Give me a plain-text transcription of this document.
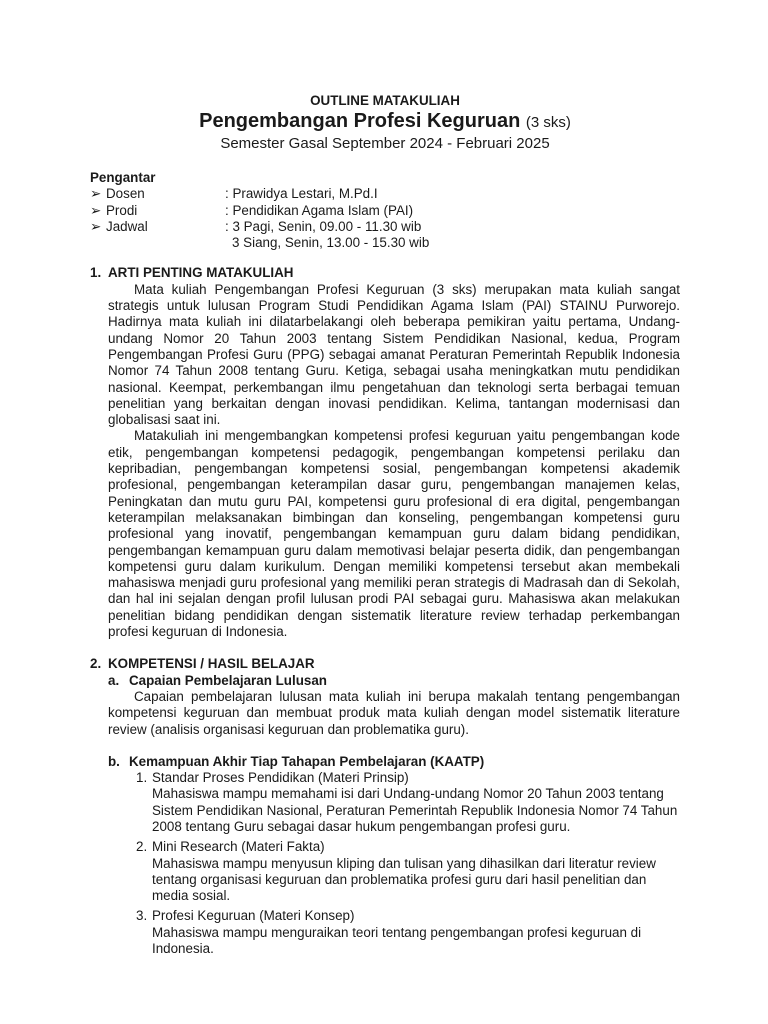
OUTLINE MATAKULIAH
Pengembangan Profesi Keguruan (3 sks)
Semester Gasal September 2024 - Februari 2025
Pengantar
➢ Dosen	: Prawidya Lestari, M.Pd.I
➢ Prodi	: Pendidikan Agama Islam (PAI)
➢ Jadwal	: 3 Pagi, Senin, 09.00 - 11.30 wib
3 Siang, Senin, 13.00 - 15.30 wib
1. ARTI PENTING MATAKULIAH
Mata kuliah Pengembangan Profesi Keguruan (3 sks) merupakan mata kuliah sangat strategis untuk lulusan Program Studi Pendidikan Agama Islam (PAI) STAINU Purworejo. Hadirnya mata kuliah ini dilatarbelakangi oleh beberapa pemikiran yaitu pertama, Undang-undang Nomor 20 Tahun 2003 tentang Sistem Pendidikan Nasional, kedua, Program Pengembangan Profesi Guru (PPG) sebagai amanat Peraturan Pemerintah Republik Indonesia Nomor 74 Tahun 2008 tentang Guru. Ketiga, sebagai usaha meningkatkan mutu pendidikan nasional. Keempat, perkembangan ilmu pengetahuan dan teknologi serta berbagai temuan penelitian yang berkaitan dengan inovasi pendidikan. Kelima, tantangan modernisasi dan globalisasi saat ini.
Matakuliah ini mengembangkan kompetensi profesi keguruan yaitu pengembangan kode etik, pengembangan kompetensi pedagogik, pengembangan kompetensi perilaku dan kepribadian, pengembangan kompetensi sosial, pengembangan kompetensi akademik profesional, pengembangan keterampilan dasar guru, pengembangan manajemen kelas, Peningkatan dan mutu guru PAI, kompetensi guru profesional di era digital, pengembangan keterampilan melaksanakan bimbingan dan konseling, pengembangan kompetensi guru profesional yang inovatif, pengembangan kemampuan guru dalam bidang pendidikan, pengembangan kemampuan guru dalam memotivasi belajar peserta didik, dan pengembangan kompetensi guru dalam kurikulum. Dengan memiliki kompetensi tersebut akan membekali mahasiswa menjadi guru profesional yang memiliki peran strategis di Madrasah dan di Sekolah, dan hal ini sejalan dengan profil lulusan prodi PAI sebagai guru. Mahasiswa akan melakukan penelitian bidang pendidikan dengan sistematik literature review terhadap perkembangan profesi keguruan di Indonesia.
2. KOMPETENSI / HASIL BELAJAR
a. Capaian Pembelajaran Lulusan
Capaian pembelajaran lulusan mata kuliah ini berupa makalah tentang pengembangan kompetensi keguruan dan membuat produk mata kuliah dengan model sistematik literature review (analisis organisasi keguruan dan problematika guru).
b. Kemampuan Akhir Tiap Tahapan Pembelajaran (KAATP)
1. Standar Proses Pendidikan (Materi Prinsip)
Mahasiswa mampu memahami isi dari Undang-undang Nomor 20 Tahun 2003 tentang Sistem Pendidikan Nasional, Peraturan Pemerintah Republik Indonesia Nomor 74 Tahun 2008 tentang Guru sebagai dasar hukum pengembangan profesi guru.
2. Mini Research (Materi Fakta)
Mahasiswa mampu menyusun kliping dan tulisan yang dihasilkan dari literatur review tentang organisasi keguruan dan problematika profesi guru dari hasil penelitian dan media sosial.
3. Profesi Keguruan (Materi Konsep)
Mahasiswa mampu menguraikan teori tentang pengembangan profesi keguruan di Indonesia.
